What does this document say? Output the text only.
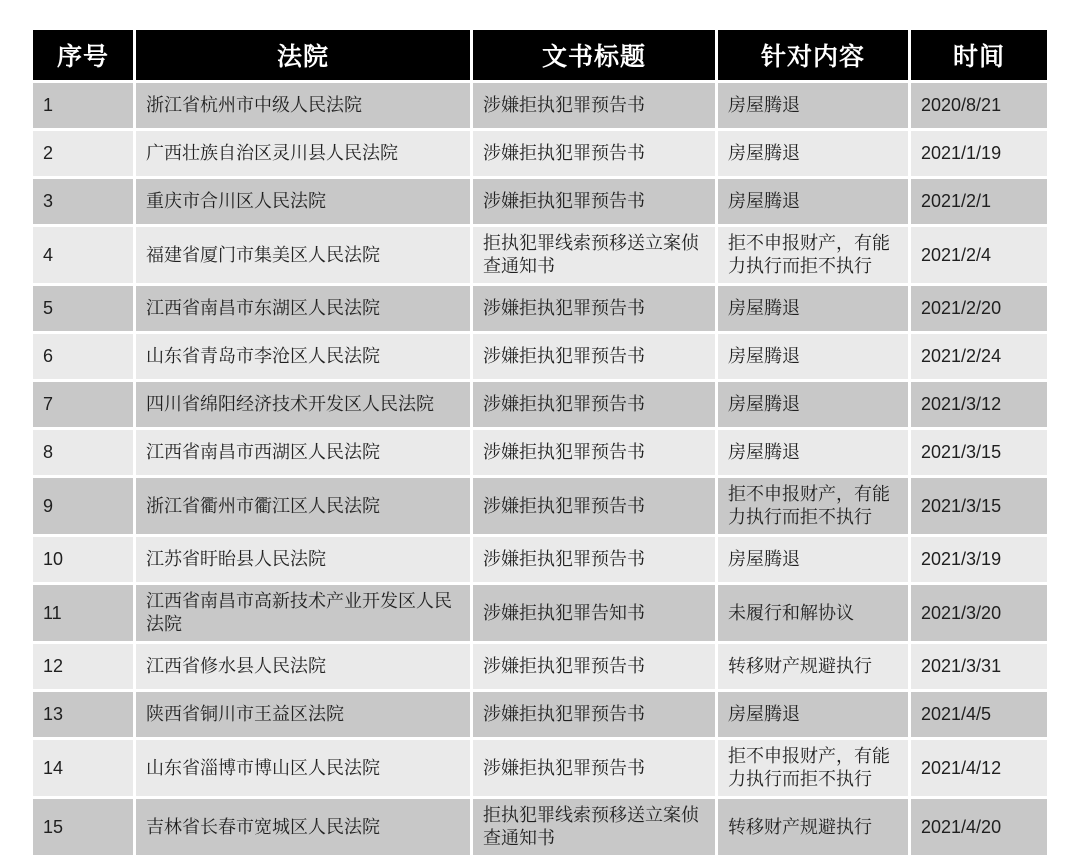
序号	法院	文书标题	针对内容	时间
1	浙江省杭州市中级人民法院	涉嫌拒执犯罪预告书	房屋腾退	2020/8/21
2	广西壮族自治区灵川县人民法院	涉嫌拒执犯罪预告书	房屋腾退	2021/1/19
3	重庆市合川区人民法院	涉嫌拒执犯罪预告书	房屋腾退	2021/2/1
4	福建省厦门市集美区人民法院	拒执犯罪线索预移送立案侦查通知书	拒不申报财产，有能力执行而拒不执行	2021/2/4
5	江西省南昌市东湖区人民法院	涉嫌拒执犯罪预告书	房屋腾退	2021/2/20
6	山东省青岛市李沧区人民法院	涉嫌拒执犯罪预告书	房屋腾退	2021/2/24
7	四川省绵阳经济技术开发区人民法院	涉嫌拒执犯罪预告书	房屋腾退	2021/3/12
8	江西省南昌市西湖区人民法院	涉嫌拒执犯罪预告书	房屋腾退	2021/3/15
9	浙江省衢州市衢江区人民法院	涉嫌拒执犯罪预告书	拒不申报财产，有能力执行而拒不执行	2021/3/15
10	江苏省盱眙县人民法院	涉嫌拒执犯罪预告书	房屋腾退	2021/3/19
11	江西省南昌市高新技术产业开发区人民法院	涉嫌拒执犯罪告知书	未履行和解协议	2021/3/20
12	江西省修水县人民法院	涉嫌拒执犯罪预告书	转移财产规避执行	2021/3/31
13	陕西省铜川市王益区法院	涉嫌拒执犯罪预告书	房屋腾退	2021/4/5
14	山东省淄博市博山区人民法院	涉嫌拒执犯罪预告书	拒不申报财产，有能力执行而拒不执行	2021/4/12
15	吉林省长春市宽城区人民法院	拒执犯罪线索预移送立案侦查通知书	转移财产规避执行	2021/4/20
